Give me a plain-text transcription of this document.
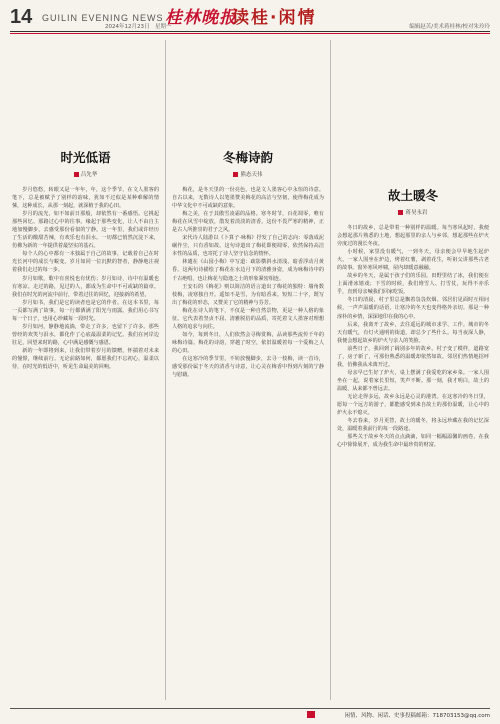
14 GUILIN EVENING NEWS
2024年12月23日　星期一
桂林晚报
读桂·闲情	编辑赵苦/美术蒋桂林/校对朱玲玲
时光低语
吕先华

岁月悠悠，转眼又是一年年，年，这个季节，在文人墨客的笔下，总是被赋予了别样的韵味，犹如不过似是某种难解的情愫，这种成长，从那一刻起，就深植于我的心田。

岁月的流光，如不如前日那般，却依然有一番感悟。它挑起那些回忆、那路过心中的往事。缘起于那些变化，让人不由自主地加慢脚步，去感受那份看似的宁静。这一年里，我们或许经历了生活的酸甜苦辣，有欢乐也有泪水。一切都已悄然沉淀下来，仿佛为新的一年提供着最坚实的基石。

每个人的心中都有一本独属于自己的故事，记载着自己在时光长河中的成长与蜕变。岁月如同一位沉默的智者，静静地注视着我们走过的每一步。

岁月如歌，歌中有喜悦也有忧伤；岁月如诗，诗中有温暖也有寒凉。走过的路，见过的人，都成为生命中不可或缺的篇章。我们在时光的河流中前行，带着过往的回忆，迎接新的希望。

岁月如书，我们是它的读者也是它的作者。在这本书里，每一页都写满了故事，每一行都洒满了阳光与雨露。我们用心书写每一个日子，也用心珍藏每一段时光。

岁月如河，静静地流淌，带走了许多，也留下了许多。那些曾经的欢笑与泪水，都化作了心底最温柔的记忆。我们在河岸边驻足，回望来时的路，心中满是感慨与感恩。

新的一年即将到来，让我们带着岁月的馈赠，怀揣着对未来的憧憬，继续前行。无论前路如何，都愿我们不忘初心，温柔以待，在时光的低语中，听见生命最美的回响。

冬梅诗韵
熊态天伟

梅花，是冬天里的一份亮色，也是文人墨客心中永恒的诗意。自古以来，无数诗人以笔墨赞美梅花的高洁与坚韧，使得梅花成为中华文化中不可或缺的意象。

梅之美，在于其傲雪凌霜的品格。寒冬时节，百花凋零，唯有梅花在风雪中绽放，散发着淡淡的清香。这份不畏严寒的精神，正是古人所推崇的君子之风。

宋代诗人陆游以《卜算子·咏梅》抒发了自己的志向：零落成泥碾作尘，只有香如故。这句诗道出了梅花即便凋零，依然保持高洁本性的品质，也寄托了诗人坚守信念的情怀。

林逋在《山园小梅》中写道：疏影横斜水清浅，暗香浮动月黄昏。这两句诗描绘了梅花在水边月下的清雅身姿，成为咏梅诗中的千古绝唱，也让梅花与隐逸之士的形象紧密相连。

王安石的《梅花》则以简洁的语言道出了梅花的独特：墙角数枝梅，凌寒独自开。遥知不是雪，为有暗香来。短短二十字，既写出了梅花的形态，又赞美了它的精神与芬芳。

梅花在诗人的笔下，不仅是一种自然景物，更是一种人格的象征。它代表着坚贞不屈、清雅脱俗的品质，寄托着文人墨客对理想人格的追求与向往。

如今，每到冬日，人们依然会寻梅赏梅，品读那些流传千年的咏梅诗篇。梅花的诗韵，穿越了时空，依旧温暖着每一个爱梅之人的心田。

在这寒冷的季节里，不妨放慢脚步，去寻一枝梅，读一首诗，感受那份属于冬天的清香与诗意，让心灵在梅香中得到片刻的宁静与慰藉。

故土暖冬
蒋昊永岩

冬日的故乡，总是带着一种别样的温暖。每当寒风起时，我便会想起那片熟悉的土地，想起那里的亲人与乡邻，想起那些在炉火旁度过的漫长冬夜。

小时候，家里没有暖气，一到冬天，母亲便会早早地生起炉火。一家人围坐在炉边，烤着红薯，剥着花生，听祖父讲那些古老的故事。窗外寒风呼啸，屋内却暖意融融。

故乡的冬天，是属于孩子们的乐园。田野里结了冰，我们便在上面滑冰嬉戏；下雪的时候，我们堆雪人、打雪仗，玩得不亦乐乎，直到母亲喊我们回家吃饭。

冬日的清晨，村子里总是飘着袅袅炊烟。邻居们见面时互相问候，一声声温暖的话语，让寒冷的冬天也变得格外亲切。那是一种淳朴的乡情，深深地印在我的心中。

后来，我离开了故乡，去往遥远的城市求学、工作。城市的冬天有暖气，有灯火通明的街道，却总少了些什么。每当夜深人静，我便会想起故乡的炉火与亲人的笑脸。

前些日子，我回到了阔别多年的故乡。村子变了模样，道路宽了，房子新了，可那份熟悉的温暖却依然如故。邻居们热情地招呼我，仿佛我从未离开过。

母亲早已生好了炉火，桌上摆满了我爱吃的家乡菜。一家人围坐在一起，说着家长里短，笑声不断。那一刻，我才明白，故土的温暖，从来都不曾远去。

无论走得多远，故乡永远是心灵的港湾。在这寒冷的冬日里，愿每一个远方的游子，都能感受到来自故土的那份温暖，让心中的炉火永不熄灭。

冬去春来，岁月更替，故土的暖冬，将永远珍藏在我的记忆深处，温暖着我前行的每一段路途。

那些关于故乡冬天的点点滴滴，如同一幅幅温馨的画卷，在我心中徐徐展开，成为我生命中最珍贵的财富。

闲情、风物、闲话、史事投稿邮箱：718703153@qq.com
